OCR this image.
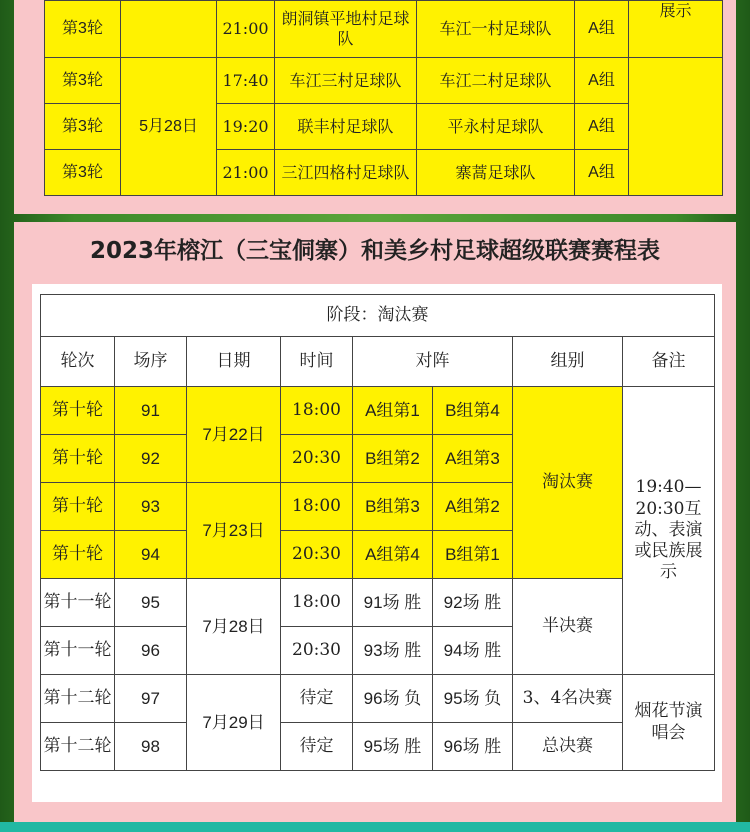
第3轮		21:00	朗洞镇平地村足球队	车江一村足球队	A组	展示
第3轮	5月28日	17:40	车江三村足球队	车江二村足球队	A组	
第3轮		19:20	联丰村足球队	平永村足球队	A组	
第3轮		21:00	三江四格村足球队	寨蒿足球队	A组	
2023年榕江（三宝侗寨）和美乡村足球超级联赛赛程表
阶段：淘汰赛							
轮次	场序	日期	时间	对阵		组别	备注
第十轮	91	7月22日	18:00	A组第1	B组第4	淘汰赛	19:40—20:30互动、表演或民族展示
第十轮	92		20:30	B组第2	A组第3		
第十轮	93	7月23日	18:00	B组第3	A组第2		
第十轮	94		20:30	A组第4	B组第1		
第十一轮	95	7月28日	18:00	91场 胜	92场 胜	半决赛	
第十一轮	96		20:30	93场 胜	94场 胜		
第十二轮	97	7月29日	待定	96场 负	95场 负	3、4名决赛	烟花节演唱会
第十二轮	98		待定	95场 胜	96场 胜	总决赛	
